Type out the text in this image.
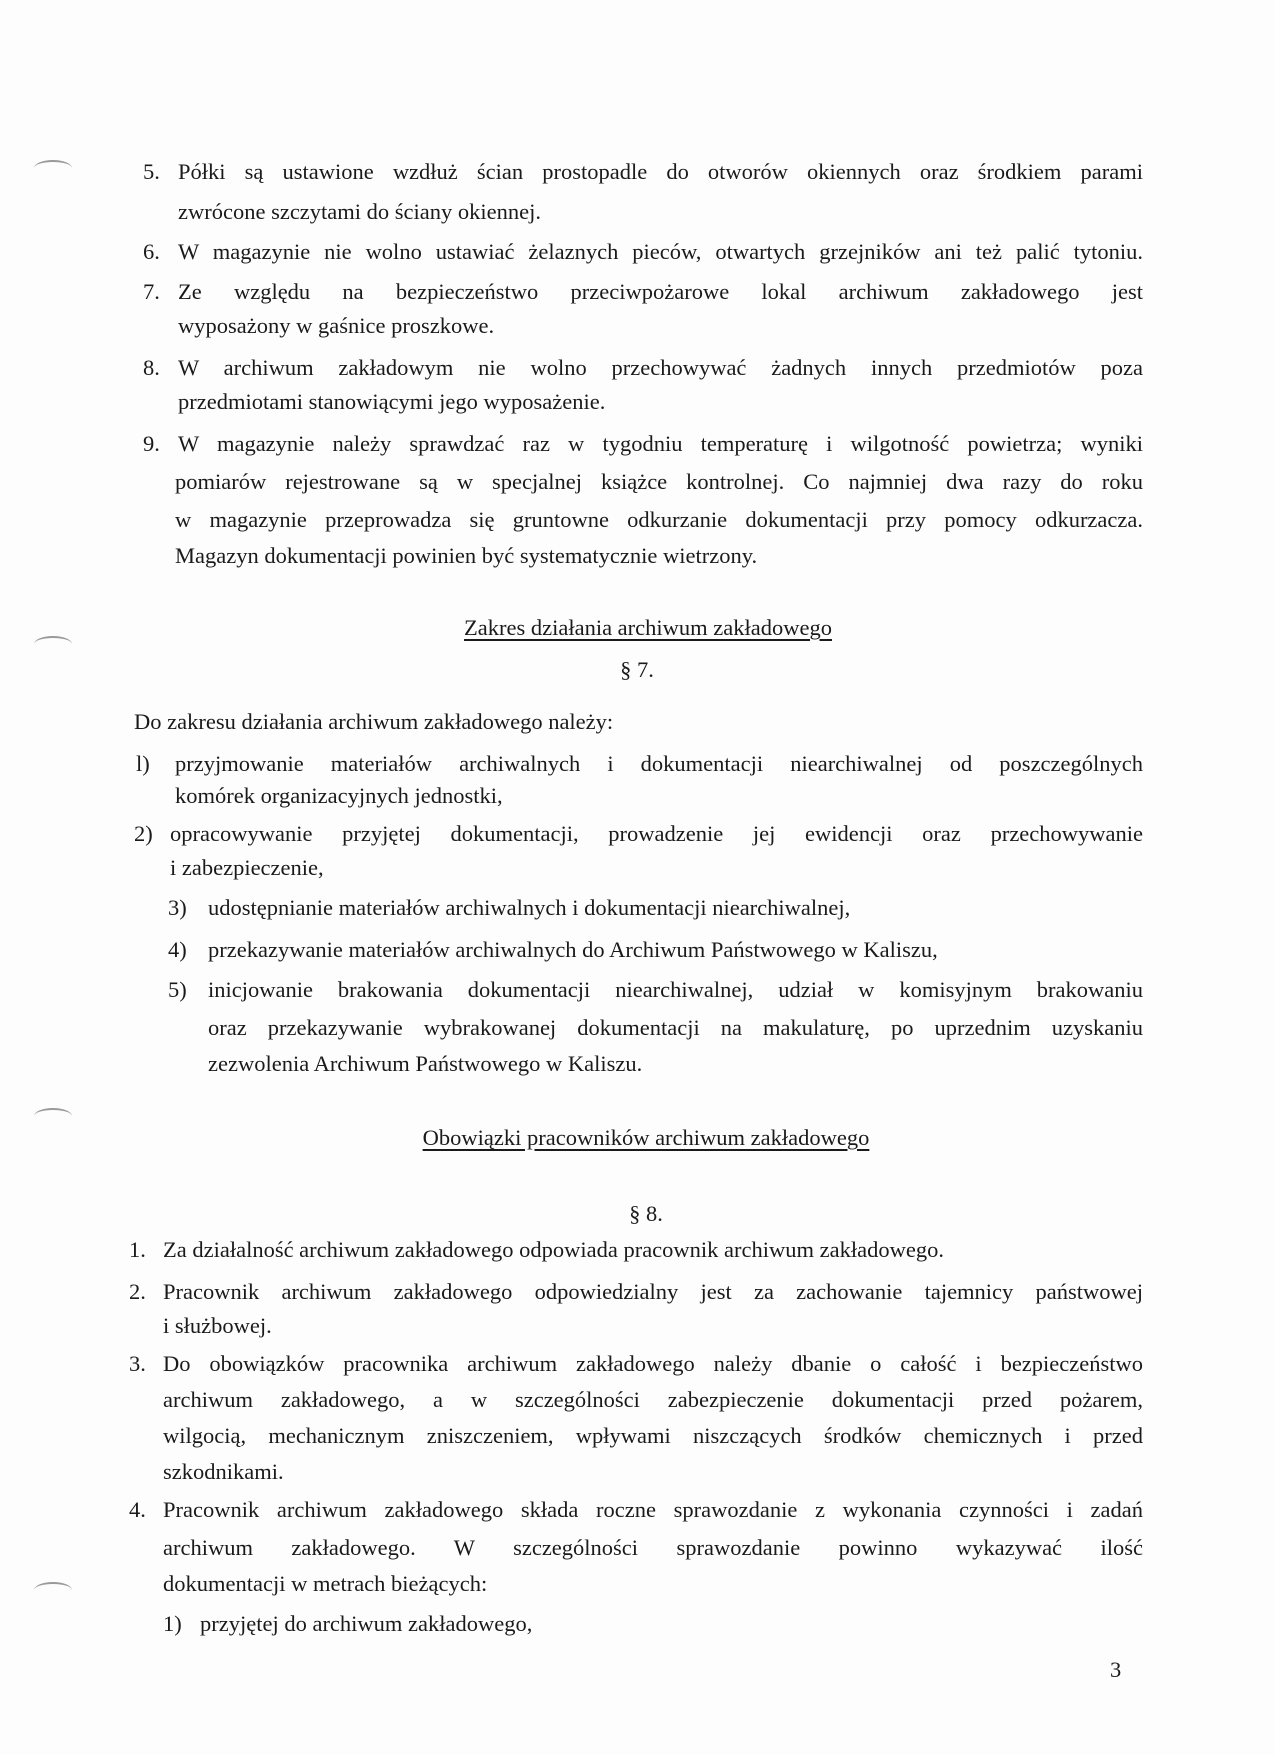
5. Półki są ustawione wzdłuż ścian prostopadle do otworów okiennych oraz środkiem parami
zwrócone szczytami do ściany okiennej.
6. W magazynie nie wolno ustawiać żelaznych pieców, otwartych grzejników ani też palić tytoniu.
7. Ze względu na bezpieczeństwo przeciwpożarowe lokal archiwum zakładowego jest
wyposażony w gaśnice proszkowe.
8. W archiwum zakładowym nie wolno przechowywać żadnych innych przedmiotów poza
przedmiotami stanowiącymi jego wyposażenie.
9. W magazynie należy sprawdzać raz w tygodniu temperaturę i wilgotność powietrza; wyniki
pomiarów rejestrowane są w specjalnej książce kontrolnej. Co najmniej dwa razy do roku
w magazynie przeprowadza się gruntowne odkurzanie dokumentacji przy pomocy odkurzacza.
Magazyn dokumentacji powinien być systematycznie wietrzony.
Zakres działania archiwum zakładowego
§ 7.
Do zakresu działania archiwum zakładowego należy:
l) przyjmowanie materiałów archiwalnych i dokumentacji niearchiwalnej od poszczególnych
komórek organizacyjnych jednostki,
2) opracowywanie przyjętej dokumentacji, prowadzenie jej ewidencji oraz przechowywanie
i zabezpieczenie,
3) udostępnianie materiałów archiwalnych i dokumentacji niearchiwalnej,
4) przekazywanie materiałów archiwalnych do Archiwum Państwowego w Kaliszu,
5) inicjowanie brakowania dokumentacji niearchiwalnej, udział w komisyjnym brakowaniu
oraz przekazywanie wybrakowanej dokumentacji na makulaturę, po uprzednim uzyskaniu
zezwolenia Archiwum Państwowego w Kaliszu.
Obowiązki pracowników archiwum zakładowego
§ 8.
1. Za działalność archiwum zakładowego odpowiada pracownik archiwum zakładowego.
2. Pracownik archiwum zakładowego odpowiedzialny jest za zachowanie tajemnicy państwowej
i służbowej.
3. Do obowiązków pracownika archiwum zakładowego należy dbanie o całość i bezpieczeństwo
archiwum zakładowego, a w szczególności zabezpieczenie dokumentacji przed pożarem,
wilgocią, mechanicznym zniszczeniem, wpływami niszczących środków chemicznych i przed
szkodnikami.
4. Pracownik archiwum zakładowego składa roczne sprawozdanie z wykonania czynności i zadań
archiwum zakładowego. W szczególności sprawozdanie powinno wykazywać ilość
dokumentacji w metrach bieżących:
1) przyjętej do archiwum zakładowego,
3
